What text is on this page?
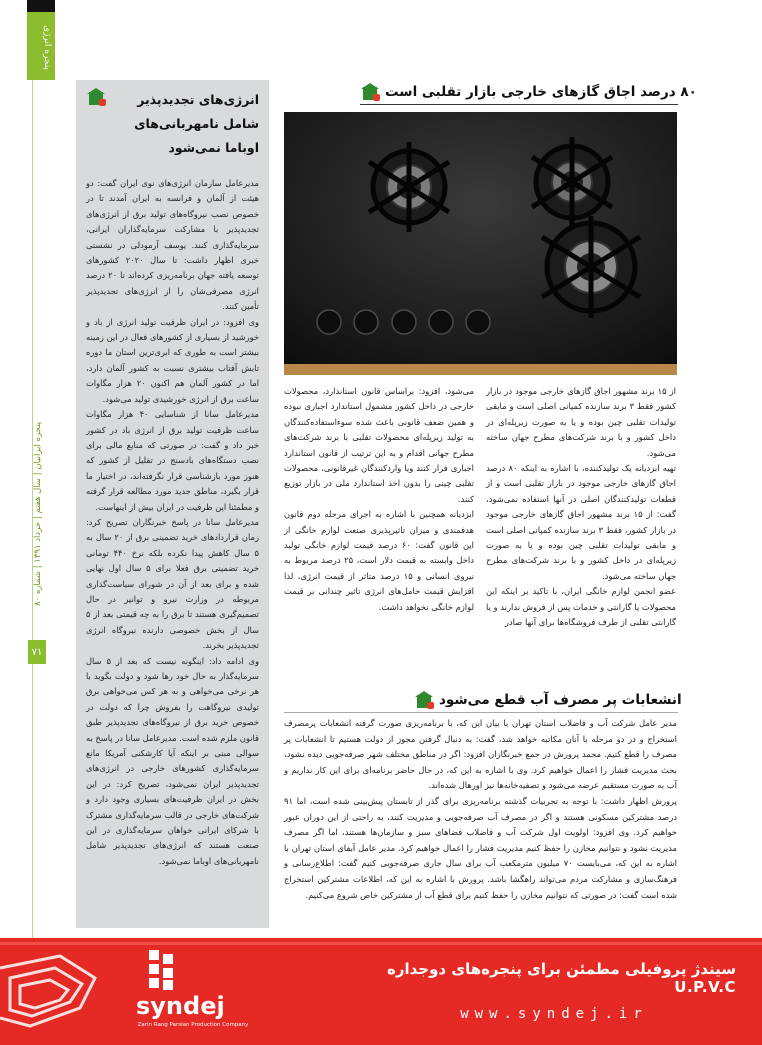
پنجره انرژی
پنجره ایرانیان | سال هفتم | خرداد ۱۳۹۱ | شماره ۸۰
۷۱
انرژی‌های تجدیدپذیر شامل نامهربانی‌های اوباما نمی‌شود

مدیرعامل سازمان انرژی‌های نوی ایران گفت: دو هیئت از آلمان و فرانسه به ایران آمدند تا در خصوص نصب نیروگاه‌های تولید برق از انرژی‌های تجدیدپذیر با مشارکت سرمایه‌گذاران ایرانی، سرمایه‌گذاری کنند. یوسف آرمودلی در نشستی خبری اظهار داشت: تا سال ۲۰۲۰ کشورهای توسعه یافته جهان برنامه‌ریزی کرده‌اند تا ۲۰ درصد انرژی مصرفی‌شان را از انرژی‌های تجدیدپذیر تأمین کنند.

وی افزود: در ایران ظرفیت تولید انرژی از باد و خورشید از بسیاری از کشورهای فعال در این زمینه بیشتر است به طوری که ابری‌ترین استان ما دوره تابش آفتاب بیشتری نسبت به کشور آلمان دارد، اما در کشور آلمان هم اکنون ۲۰ هزار مگاوات ساعت برق از انرژی خورشیدی تولید می‌شود.

مدیرعامل سانا از شناسایی ۴۰ هزار مگاوات ساعت ظرفیت تولید برق از انرژی باد در کشور خبر داد و گفت: در صورتی که منابع مالی برای نصب دستگاه‌های بادسنج در تقلیل از کشور که هنوز مورد بازشناسی قرار نگرفته‌اند، در اختیار ما قرار بگیرد، مناطق جدید مورد مطالعه قرار گرفته و مطمئنا این ظرفیت در ایران بیش از اینهاست.

مدیرعامل سانا در پاسخ خبرنگاران تصریح کرد: زمان قراردادهای خرید تضمینی برق از ۲۰ سال به ۵ سال کاهش پیدا نکرده بلکه نرخ ۴۴۰ تومانی خرید تضمینی برق فعلا برای ۵ سال اول نهایی شده و برای بعد از آن در شورای سیاست‌گذاری مربوطه در وزارت نیرو و توانیر در حال تصمیم‌گیری هستند تا برق را به چه قیمتی بعد از ۵ سال از بخش خصوصی دارنده نیروگاه انرژی تجدیدپذیر بخرند.

وی ادامه داد: اینگونه نیست که بعد از ۵ سال سرمایه‌گذار به حال خود رها شود و دولت بگوید با هر نرخی می‌خواهی و به هر کس می‌خواهی برق تولیدی نیروگاهت را بفروش چرا که دولت در خصوص خرید برق از نیروگاه‌های تجدیدپذیر طبق قانون ملزم شده است. مدیرعامل سانا در پاسخ به سوالی مبنی بر اینکه آیا کارشکنی آمریکا مانع سرمایه‌گذاری کشورهای خارجی در انرژی‌های تجدیدپذیر ایران نمی‌شود، تصریح کرد: در این بخش در ایران ظرفیت‌های بسیاری وجود دارد و شرکت‌های خارجی در قالب سرمایه‌گذاری مشترک با شرکای ایرانی خواهان سرمایه‌گذاری در این صنعت هستند که انرژی‌های تجدیدپذیر شامل نامهربانی‌های اوباما نمی‌شود.

۸۰ درصد اجاق گازهای خارجی بازار تقلبی است

از ۱۵ برند مشهور اجاق گازهای خارجی موجود در بازار کشور فقط ۳ برند سازنده کمپانی اصلی است و مابقی تولیدات تقلبی چین بوده و یا به صورت زیرپله‌ای در داخل کشور و با برند شرکت‌های مطرح جهان ساخته می‌شود.

تهیه ابزدیانه یک تولیدکننده، با اشاره به اینکه ۸۰ درصد اجاق گازهای خارجی موجود در بازار تقلبی است و از قطعات تولیدکنندگان اصلی در آنها استفاده نمی‌شود، گفت: از ۱۵ برند مشهور اجاق گازهای خارجی موجود در بازار کشور، فقط ۳ برند سازنده کمپانی اصلی است و مابقی تولیدات تقلبی چین بوده و یا به صورت زیرپله‌ای در داخل کشور و با برند شرکت‌های مطرح جهان ساخته می‌شود.

عضو انجمن لوازم خانگی ایران، با تاکید بر اینکه این محصولات یا گارانتی و خدمات پس از فروش ندارند و یا گارانتی تقلبی از طرف فروشگاه‌ها برای آنها صادر

می‌شود، افزود: براساس قانون استاندارد، محصولات خارجی در داخل کشور مشمول استاندارد اجباری نبوده و همین ضعف قانونی باعث شده سوءاستفاده‌کنندگان به تولید زیرپله‌ای محصولات تقلبی با برند شرکت‌های مطرح جهانی اقدام و به این ترتیب از قانون استاندارد اجباری فرار کنند ویا واردکنندگان غیرقانونی، محصولات تقلبی چینی را بدون اخذ استاندارد ملی در بازار توزیع کنند.

ابزدیانه همچنین با اشاره به اجرای مرحله دوم قانون هدفمندی و میزان تاثیرپذیری صنعت لوازم خانگی از این قانون گفت: ۶۰ درصد قیمت لوازم خانگی تولید داخل وابسته به قیمت دلار است، ۲۵ درصد مربوط به نیروی انسانی و ۱۵ درصد متاثر از قیمت انرژی، لذا افزایش قیمت حامل‌های انرژی تاثیر چندانی بر قیمت لوازم خانگی نخواهد داشت.

انشعابات پر مصرف آب قطع می‌شود

مدیر عامل شرکت آب و فاضلاب استان تهران با بیان این که، با برنامه‌ریزی صورت گرفته انشعابات پرمصرف استخراج و در دو مرحله با آنان مکاتبه خواهد شد، گفت: به دنبال گرفتن مجوز از دولت هستیم تا انشعابات پر مصرف را قطع کنیم. محمد پرورش در جمع خبرنگاران افزود: اگر در مناطق مختلف شهر صرفه‌جویی دیده نشود، بحث مدیریت فشار را اعمال خواهیم کرد. وی با اشاره به این که، در حال حاضر برنامه‌ای برای این کار نداریم و آب به صورت مستقیم عرضه می‌شود و تصفیه‌خانه‌ها نیز اورهال شده‌اند.

پرورش اظهار داشت: با توجه به تجربیات گذشته برنامه‌ریزی برای گذر از تابستان پیش‌بینی شده است، اما ۹۱ درصد مشترکین مسکونی هستند و اگر در مصرف آب صرفه‌جویی و مدیریت کنند، به راحتی از این دوران عبور خواهیم کرد. وی افزود: اولویت اول شرکت آب و فاضلاب فضاهای سبز و سازمان‌ها هستند، اما اگر مصرف مدیریت نشود و نتوانیم مخازن را حفظ کنیم مدیریت فشار را اعمال خواهیم کرد. مدیر عامل آبفای استان تهران با اشاره به این که، می‌بایست ۷۰ میلیون مترمکعب آب برای سال جاری صرفه‌جویی کنیم گفت: اطلاع‌رسانی و فرهنگ‌سازی و مشارکت مردم می‌تواند راهگشا باشد. پرورش با اشاره به این که، اطلاعات مشترکین استخراج شده است گفت: در صورتی که نتوانیم مخازن را حفظ کنیم برای قطع آب از مشترکین خاص شروع می‌کنیم.

syndej
Zarin Rang Parsian Production Company
سیندژ پروفیلی مطمئن برای پنجره‌های دوجداره U.P.V.C
www.syndej.ir
